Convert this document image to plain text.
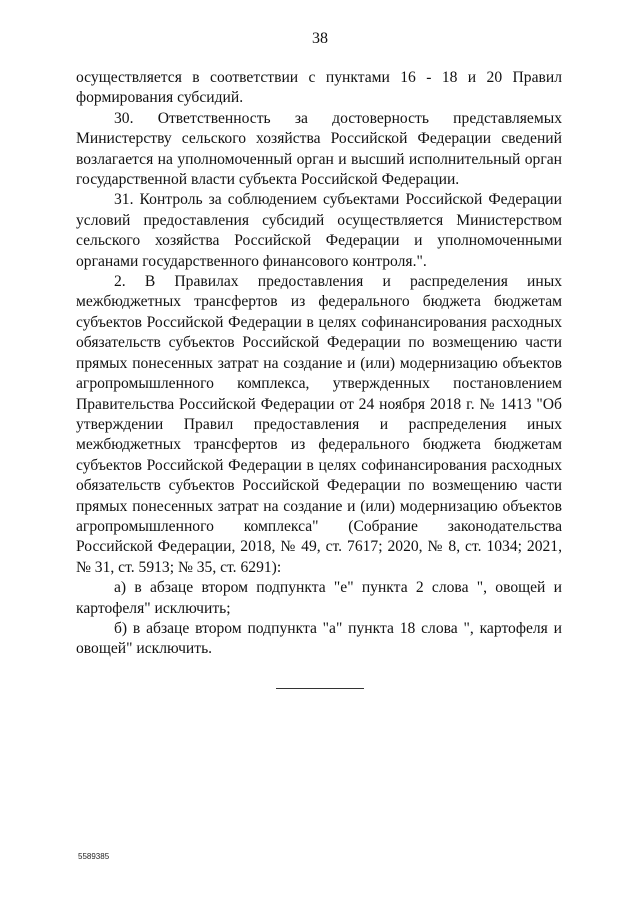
38

осуществляется в соответствии с пунктами 16 - 18 и 20 Правил формирования субсидий.

30. Ответственность за достоверность представляемых Министерству сельского хозяйства Российской Федерации сведений возлагается на уполномоченный орган и высший исполнительный орган государственной власти субъекта Российской Федерации.

31. Контроль за соблюдением субъектами Российской Федерации условий предоставления субсидий осуществляется Министерством сельского хозяйства Российской Федерации и уполномоченными органами государственного финансового контроля.".

2. В Правилах предоставления и распределения иных межбюджетных трансфертов из федерального бюджета бюджетам субъектов Российской Федерации в целях софинансирования расходных обязательств субъектов Российской Федерации по возмещению части прямых понесенных затрат на создание и (или) модернизацию объектов агропромышленного комплекса, утвержденных постановлением Правительства Российской Федерации от 24 ноября 2018 г. № 1413 "Об утверждении Правил предоставления и распределения иных межбюджетных трансфертов из федерального бюджета бюджетам субъектов Российской Федерации в целях софинансирования расходных обязательств субъектов Российской Федерации по возмещению части прямых понесенных затрат на создание и (или) модернизацию объектов агропромышленного комплекса" (Собрание законодательства Российской Федерации, 2018, № 49, ст. 7617; 2020, № 8, ст. 1034; 2021, № 31, ст. 5913; № 35, ст. 6291):

а) в абзаце втором подпункта "е" пункта 2 слова ", овощей и картофеля" исключить;

б) в абзаце втором подпункта "а" пункта 18 слова ", картофеля и овощей" исключить.

5589385
